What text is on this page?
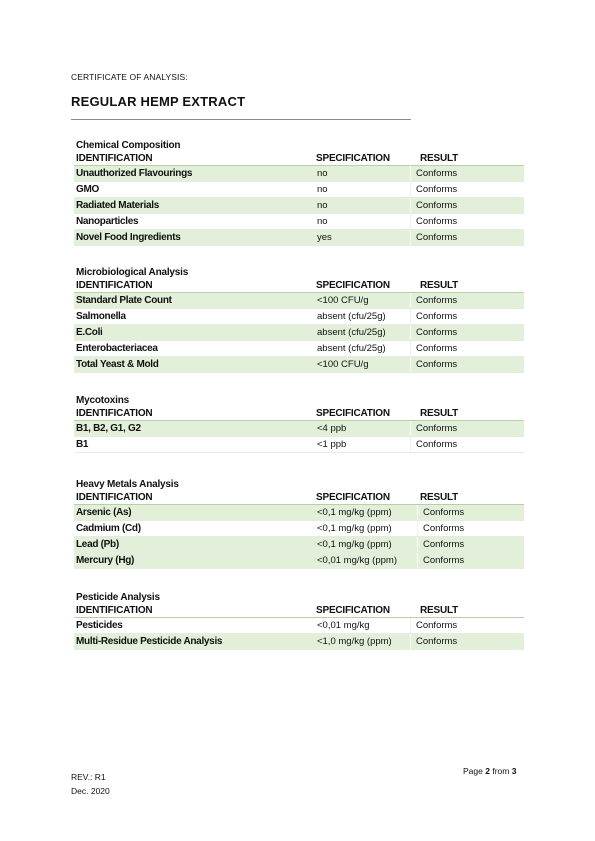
CERTIFICATE OF ANALYSIS:
REGULAR HEMP EXTRACT
Chemical Composition
IDENTIFICATION	SPECIFICATION	RESULT
Unauthorized Flavourings	no	Conforms
GMO	no	Conforms
Radiated Materials	no	Conforms
Nanoparticles	no	Conforms
Novel Food Ingredients	yes	Conforms
Microbiological Analysis
IDENTIFICATION	SPECIFICATION	RESULT
Standard Plate Count	<100 CFU/g	Conforms
Salmonella	absent (cfu/25g)	Conforms
E.Coli	absent (cfu/25g)	Conforms
Enterobacteriacea	absent (cfu/25g)	Conforms
Total Yeast & Mold	<100 CFU/g	Conforms
Mycotoxins
IDENTIFICATION	SPECIFICATION	RESULT
B1, B2, G1, G2	<4 ppb	Conforms
B1	<1 ppb	Conforms
Heavy Metals Analysis
IDENTIFICATION	SPECIFICATION	RESULT
Arsenic (As)	<0,1 mg/kg (ppm)	Conforms
Cadmium (Cd)	<0,1 mg/kg (ppm)	Conforms
Lead (Pb)	<0,1 mg/kg (ppm)	Conforms
Mercury (Hg)	<0,01 mg/kg (ppm)	Conforms
Pesticide Analysis
IDENTIFICATION	SPECIFICATION	RESULT
Pesticides	<0,01 mg/kg	Conforms
Multi-Residue Pesticide Analysis	<1,0 mg/kg (ppm)	Conforms
REV.: R1
Dec. 2020
Page 2 from 3
